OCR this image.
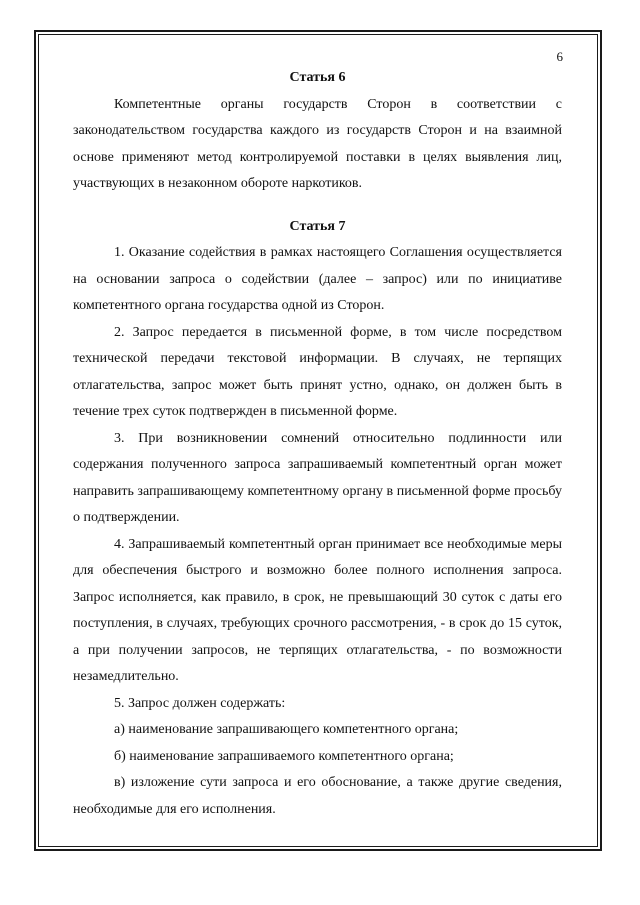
6

Статья 6

Компетентные органы государств Сторон в соответствии с законодательством государства каждого из государств Сторон и на взаимной основе применяют метод контролируемой поставки в целях выявления лиц, участвующих в незаконном обороте наркотиков.

Статья 7

1. Оказание содействия в рамках настоящего Соглашения осуществляется на основании запроса о содействии (далее – запрос) или по инициативе компетентного органа государства одной из Сторон.

2. Запрос передается в письменной форме, в том числе посредством технической передачи текстовой информации. В случаях, не терпящих отлагательства, запрос может быть принят устно, однако, он должен быть в течение трех суток подтвержден в письменной форме.

3. При возникновении сомнений относительно подлинности или содержания полученного запроса запрашиваемый компетентный орган может направить запрашивающему компетентному органу в письменной форме просьбу о подтверждении.

4. Запрашиваемый компетентный орган принимает все необходимые меры для обеспечения быстрого и возможно более полного исполнения запроса. Запрос исполняется, как правило, в срок, не превышающий 30 суток с даты его поступления, в случаях, требующих срочного рассмотрения, - в срок до 15 суток, а при получении запросов, не терпящих отлагательства, - по возможности незамедлительно.

5. Запрос должен содержать:

а) наименование запрашивающего компетентного органа;

б) наименование запрашиваемого компетентного органа;

в) изложение сути запроса и его обоснование, а также другие сведения, необходимые для его исполнения.
